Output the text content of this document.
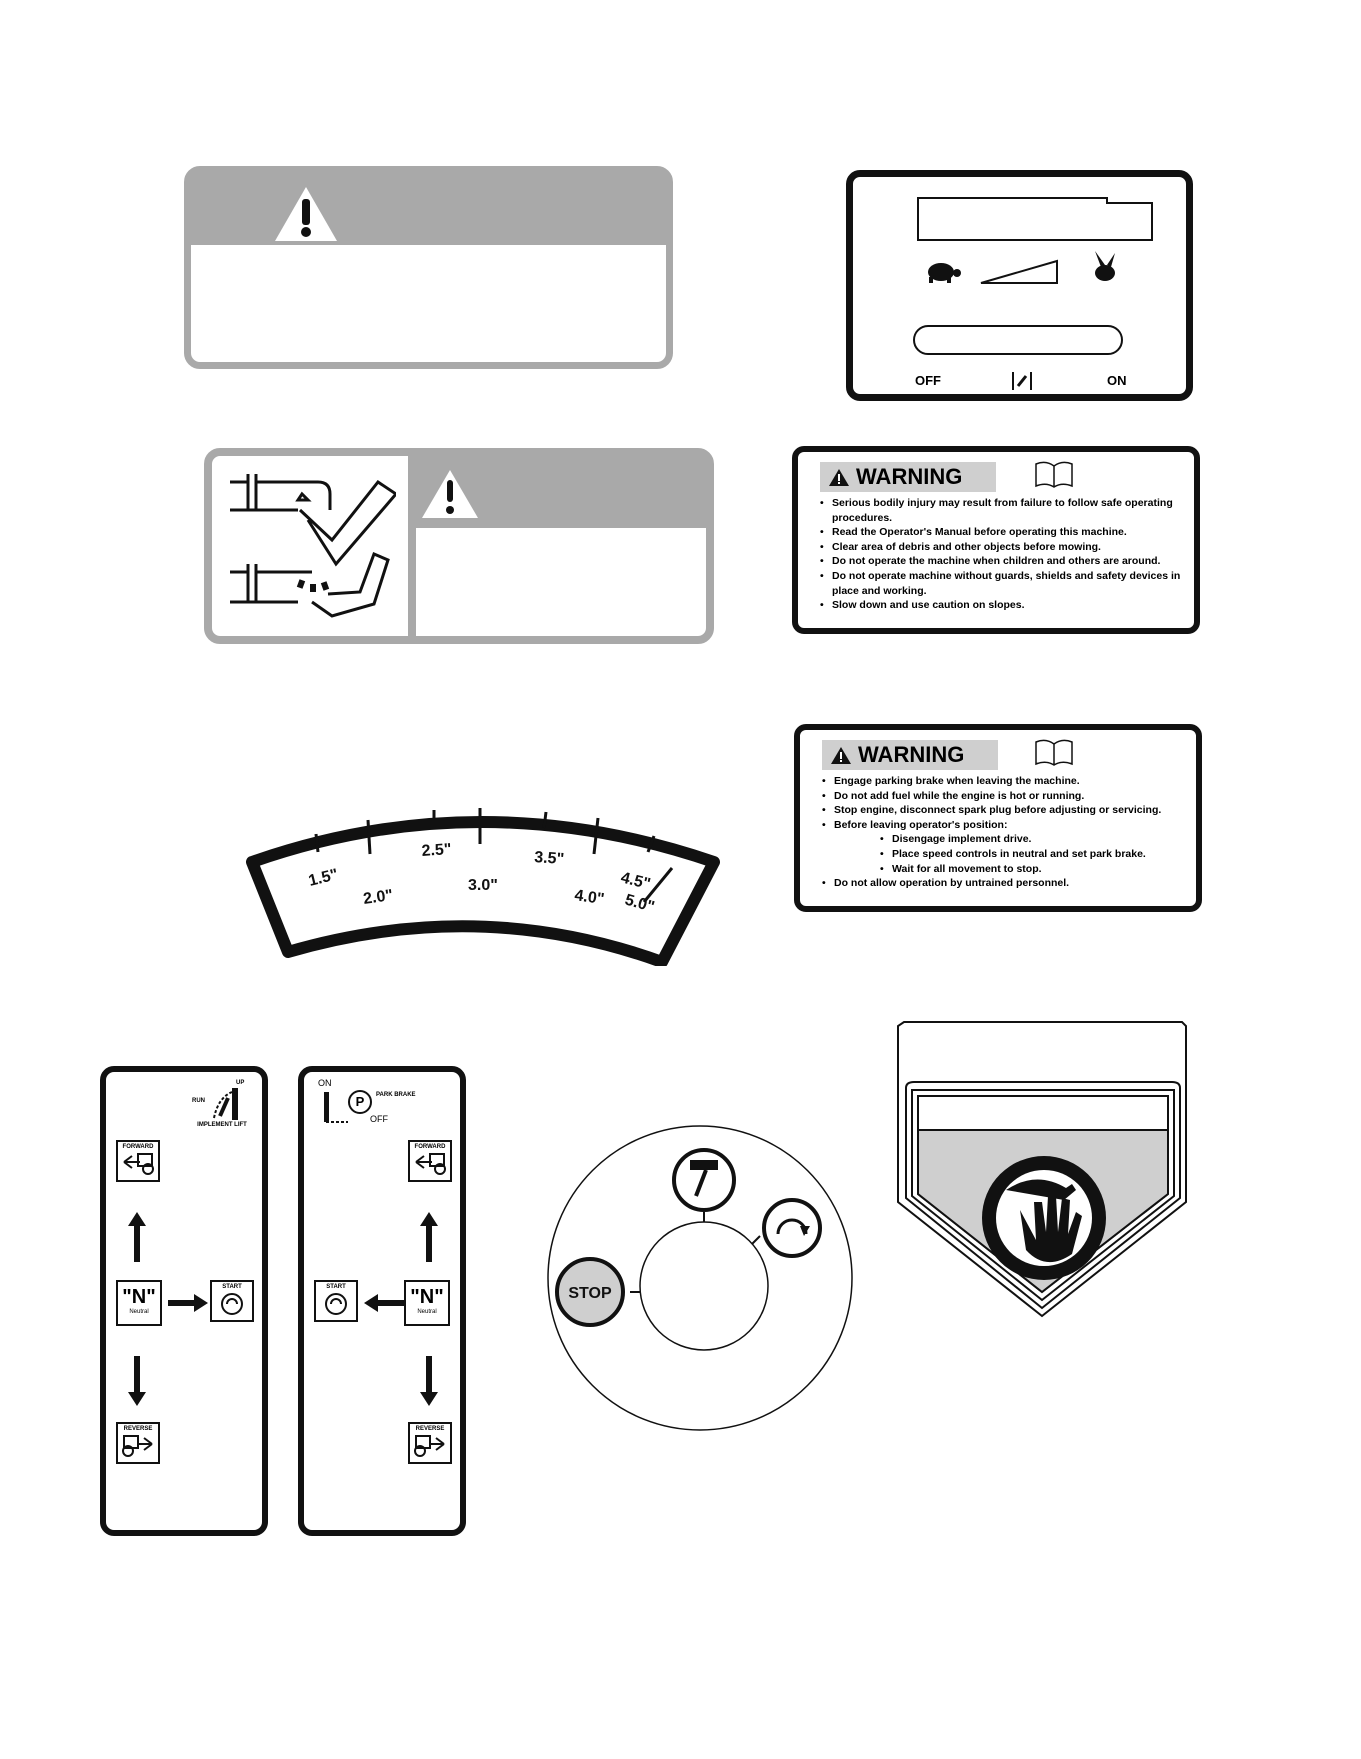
OFF	ON
WARNING
• Serious bodily injury may result from failure to follow safe operating procedures.
• Read the Operator's Manual before operating this machine.
• Clear area of debris and other objects before mowing.
• Do not operate the machine when children and others are around.
• Do not operate machine without guards, shields and safety devices in place and working.
• Slow down and use caution on slopes.
1.5"
2.0"
2.5"
3.0"
3.5"
4.0"
4.5"
5.0"
WARNING
• Engage parking brake when leaving the machine.
• Do not add fuel while the engine is hot or running.
• Stop engine, disconnect spark plug before adjusting or servicing.
• Before leaving operator's position:
• Disengage implement drive.
• Place speed controls in neutral and set park brake.
• Wait for all movement to stop.
• Do not allow operation by untrained personnel.
UP
RUN
IMPLEMENT LIFT
FORWARD
"N"
Neutral
START
REVERSE
ON
P	PARK BRAKE
OFF
FORWARD
START	"N"
Neutral
REVERSE
STOP
